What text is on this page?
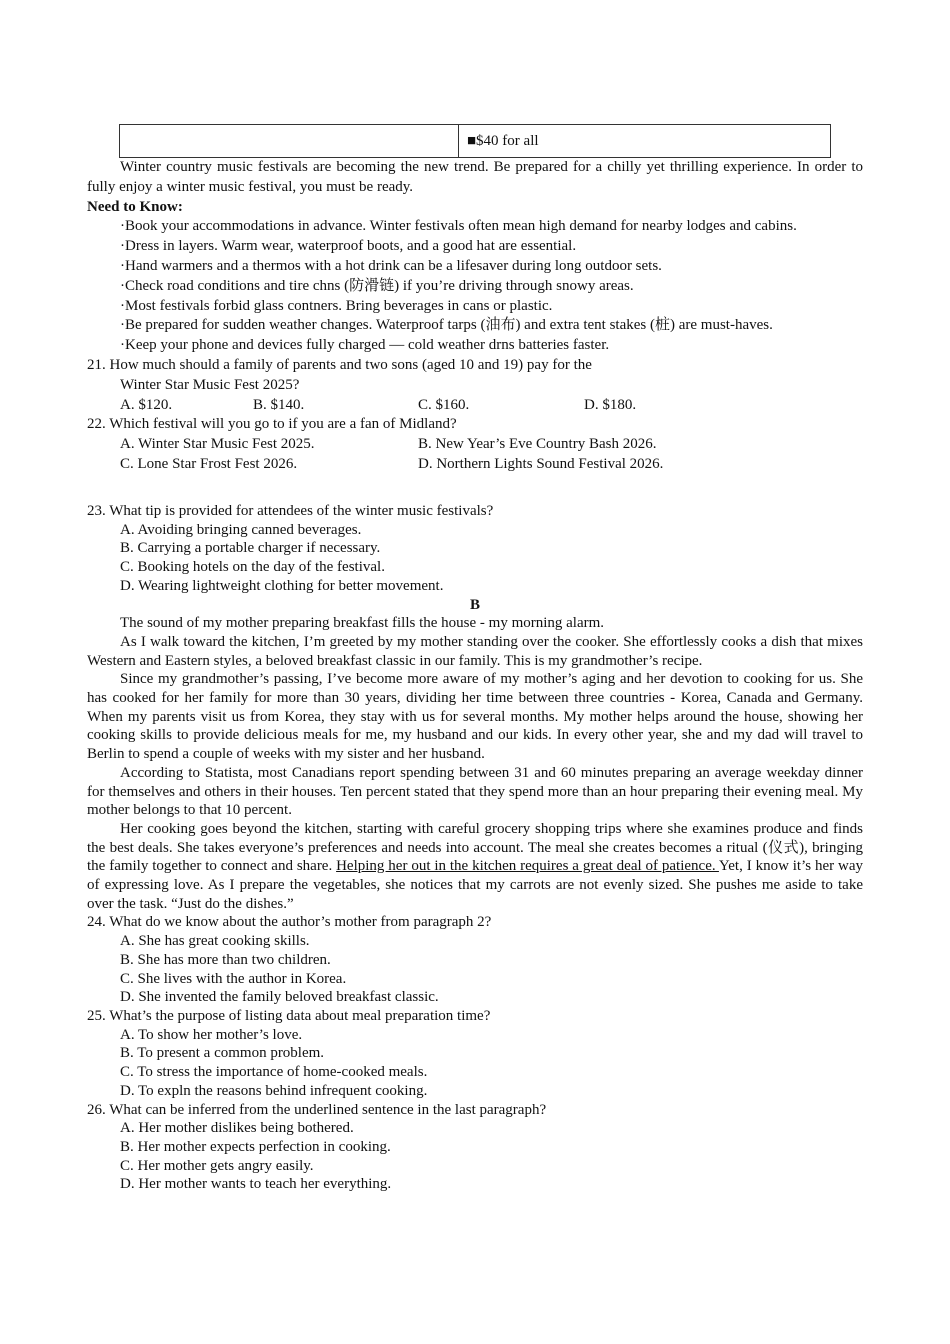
■$40 for all

Winter country music festivals are becoming the new trend. Be prepared for a chilly yet thrilling experience. In order to fully enjoy a winter music festival, you must be ready.

Need to Know:

·Book your accommodations in advance. Winter festivals often mean high demand for nearby lodges and cabins.

·Dress in layers. Warm wear, waterproof boots, and a good hat are essential.

·Hand warmers and a thermos with a hot drink can be a lifesaver during long outdoor sets.

·Check road conditions and tire chns (防滑链) if you’re driving through snowy areas.

·Most festivals forbid glass contners. Bring beverages in cans or plastic.

·Be prepared for sudden weather changes. Waterproof tarps (油布) and extra tent stakes (桩) are must-haves.

·Keep your phone and devices fully charged — cold weather drns batteries faster.

21. How much should a family of parents and two sons (aged 10 and 19) pay for the

Winter Star Music Fest 2025?

A. $120.	B. $140.	C. $160.	D. $180.

22. Which festival will you go to if you are a fan of Midland?

A. Winter Star Music Fest 2025.	B. New Year’s Eve Country Bash 2026.
C. Lone Star Frost Fest 2026.	D. Northern Lights Sound Festival 2026.

23. What tip is provided for attendees of the winter music festivals?

A. Avoiding bringing canned beverages.

B. Carrying a portable charger if necessary.

C. Booking hotels on the day of the festival.

D. Wearing lightweight clothing for better movement.

B

The sound of my mother preparing breakfast fills the house - my morning alarm.

As I walk toward the kitchen, I’m greeted by my mother standing over the cooker. She effortlessly cooks a dish that mixes Western and Eastern styles, a beloved breakfast classic in our family. This is my grandmother’s recipe.

Since my grandmother’s passing, I’ve become more aware of my mother’s aging and her devotion to cooking for us. She has cooked for her family for more than 30 years, dividing her time between three countries - Korea, Canada and Germany. When my parents visit us from Korea, they stay with us for several months. My mother helps around the house, showing her cooking skills to provide delicious meals for me, my husband and our kids. In every other year, she and my dad will travel to Berlin to spend a couple of weeks with my sister and her husband.

According to Statista, most Canadians report spending between 31 and 60 minutes preparing an average weekday dinner for themselves and others in their houses. Ten percent stated that they spend more than an hour preparing their evening meal. My mother belongs to that 10 percent.

Her cooking goes beyond the kitchen, starting with careful grocery shopping trips where she examines produce and finds the best deals. She takes everyone’s preferences and needs into account. The meal she creates becomes a ritual (仪式), bringing the family together to connect and share. Helping her out in the kitchen requires a great deal of patience. Yet, I know it’s her way of expressing love. As I prepare the vegetables, she notices that my carrots are not evenly sized. She pushes me aside to take over the task. “Just do the dishes.”

24. What do we know about the author’s mother from paragraph 2?

A. She has great cooking skills.

B. She has more than two children.

C. She lives with the author in Korea.

D. She invented the family beloved breakfast classic.

25. What’s the purpose of listing data about meal preparation time?

A. To show her mother’s love.

B. To present a common problem.

C. To stress the importance of home-cooked meals.

D. To expln the reasons behind infrequent cooking.

26. What can be inferred from the underlined sentence in the last paragraph?

A. Her mother dislikes being bothered.

B. Her mother expects perfection in cooking.

C. Her mother gets angry easily.

D. Her mother wants to teach her everything.
